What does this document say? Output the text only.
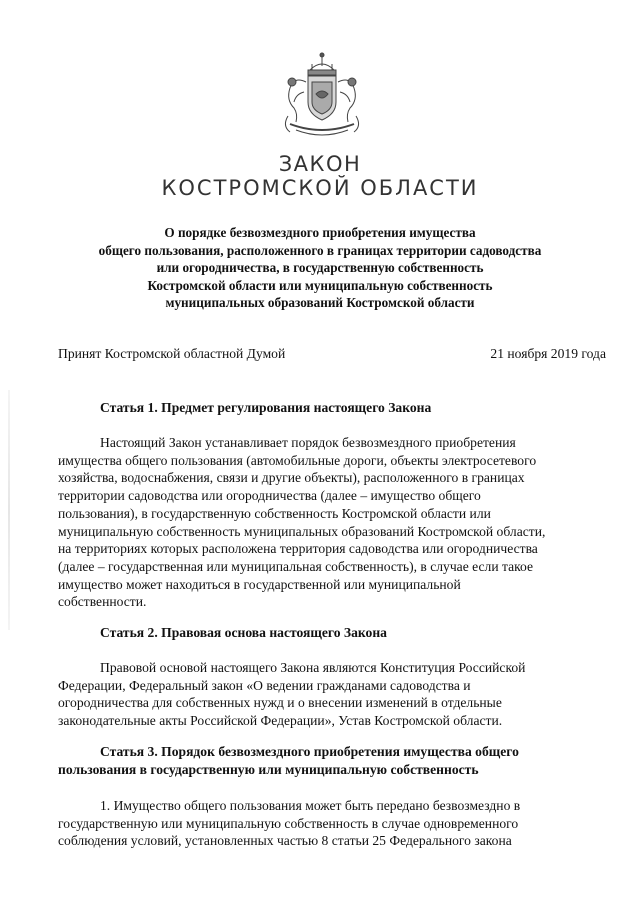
ЗАКОН
КОСТРОМСКОЙ ОБЛАСТИ
О порядке безвозмездного приобретения имущества
общего пользования, расположенного в границах территории садоводства
или огородничества, в государственную собственность
Костромской области или муниципальную собственность
муниципальных образований Костромской области
Принят Костромской областной Думой	21 ноября 2019 года
Статья 1. Предмет регулирования настоящего Закона
Настоящий Закон устанавливает порядок безвозмездного приобретения
имущества общего пользования (автомобильные дороги, объекты электросетевого
хозяйства, водоснабжения, связи и другие объекты), расположенного в границах
территории садоводства или огородничества (далее – имущество общего
пользования), в государственную собственность Костромской области или
муниципальную собственность муниципальных образований Костромской области,
на территориях которых расположена территория садоводства или огородничества
(далее – государственная или муниципальная собственность), в случае если такое
имущество может находиться в государственной или муниципальной
собственности.
Статья 2. Правовая основа настоящего Закона
Правовой основой настоящего Закона являются Конституция Российской
Федерации, Федеральный закон «О ведении гражданами садоводства и
огородничества для собственных нужд и о внесении изменений в отдельные
законодательные акты Российской Федерации», Устав Костромской области.
Статья 3. Порядок безвозмездного приобретения имущества общего
пользования в государственную или муниципальную собственность
1. Имущество общего пользования может быть передано безвозмездно в
государственную или муниципальную собственность в случае одновременного
соблюдения условий, установленных частью 8 статьи 25 Федерального закона
